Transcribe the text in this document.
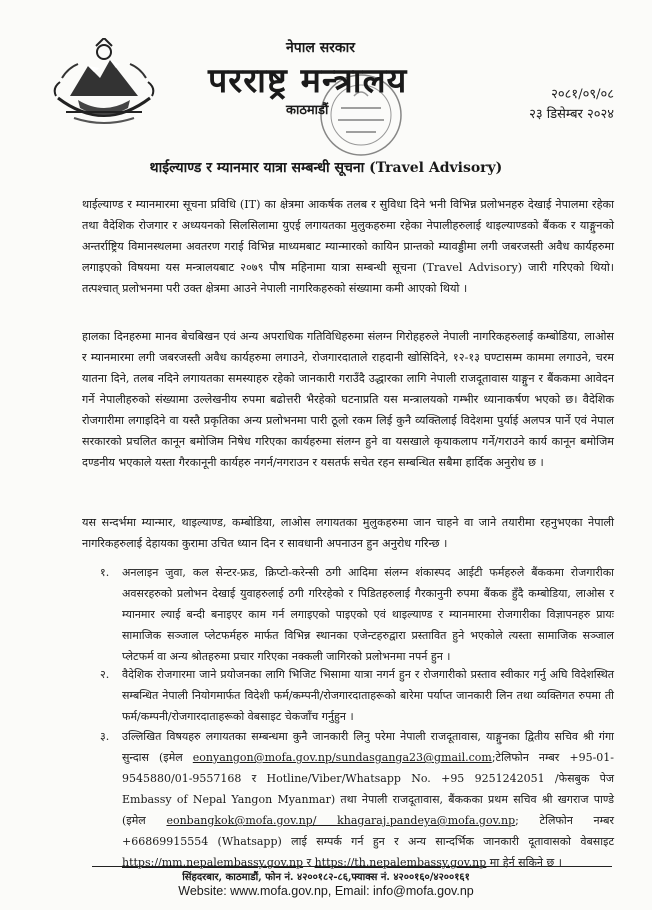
नेपाल सरकार
परराष्ट्र मन्त्रालय
काठमाडौं
२०८१/०९/०८
२३ डिसेम्बर २०२४
थाईल्याण्ड र म्यानमार यात्रा सम्बन्धी सूचना (Travel Advisory)

थाईल्याण्ड र म्यानमारमा सूचना प्रविधि (IT) का क्षेत्रमा आकर्षक तलब र सुविधा दिने भनी विभिन्न प्रलोभनहरु देखाई नेपालमा रहेका तथा वैदेशिक रोजगार र अध्ययनको सिलसिलामा युएई लगायतका मुलुकहरुमा रहेका नेपालीहरुलाई थाइल्याण्डको बैंकक र याङ्गुनको अन्तर्राष्ट्रिय विमानस्थलमा अवतरण गराई विभिन्न माध्यमबाट म्यान्मारको कायिन प्रान्तको म्यावड्डीमा लगी जबरजस्ती अवैध कार्यहरुमा लगाइएको विषयमा यस मन्त्रालयबाट २०७९ पौष महिनामा यात्रा सम्बन्धी सूचना (Travel Advisory) जारी गरिएको थियो। तत्पश्चात् प्रलोभनमा परी उक्त क्षेत्रमा आउने नेपाली नागरिकहरुको संख्यामा कमी आएको थियो ।

हालका दिनहरुमा मानव बेचबिखन एवं अन्य अपराधिक गतिविधिहरुमा संलग्न गिरोहहरुले नेपाली नागरिकहरुलाई कम्बोडिया, लाओस र म्यानमारमा लगी जबरजस्ती अवैध कार्यहरुमा लगाउने, रोजगारदाताले राहदानी खोसिदिने, १२-१३ घण्टासम्म काममा लगाउने, चरम यातना दिने, तलब नदिने लगायतका समस्याहरु रहेको जानकारी गराउँदै उद्धारका लागि नेपाली राजदूतावास याङ्गुन र बैंककमा आवेदन गर्ने नेपालीहरुको संख्यामा उल्लेखनीय रुपमा बढोत्तरी भैरहेको घटनाप्रति यस मन्त्रालयको गम्भीर ध्यानाकर्षण भएको छ। वैदेशिक रोजगारीमा लगाइदिने वा यस्तै प्रकृतिका अन्य प्रलोभनमा पारी ठूलो रकम लिई कुनै व्यक्तिलाई विदेशमा पुर्याई अलपत्र पार्ने एवं नेपाल सरकारको प्रचलित कानून बमोजिम निषेध गरिएका कार्यहरुमा संलग्न हुने वा यसखाले कृयाकलाप गर्ने/गराउने कार्य कानून बमोजिम दण्डनीय भएकाले यस्ता गैरकानूनी कार्यहरु नगर्न/नगराउन र यसतर्फ सचेत रहन सम्बन्धित सबैमा हार्दिक अनुरोध छ ।

यस सन्दर्भमा म्यान्मार, थाइल्याण्ड, कम्बोडिया, लाओस लगायतका मुलुकहरुमा जान चाहने वा जाने तयारीमा रहनुभएका नेपाली नागरिकहरुलाई देहायका कुरामा उचित ध्यान दिन र सावधानी अपनाउन हुन अनुरोध गरिन्छ ।

१. अनलाइन जुवा, कल सेन्टर-फ्रड, क्रिप्टो-करेन्सी ठगी आदिमा संलग्न शंकास्पद आईटी फर्महरुले बैंककमा रोजगारीका अवसरहरुको प्रलोभन देखाई युवाहरुलाई ठगी गरिरहेको र पिडितहरुलाई गैरकानुनी रुपमा बैंकक हुँदै कम्बोडिया, लाओस र म्यानमार ल्याई बन्दी बनाइएर काम गर्न लगाइएको पाइएको एवं थाइल्याण्ड र म्यानमारमा रोजगारीका विज्ञापनहरु प्रायः सामाजिक सञ्जाल प्लेटफर्महरु मार्फत विभिन्न स्थानका एजेन्टहरुद्वारा प्रस्तावित हुने भएकोले त्यस्ता सामाजिक सञ्जाल प्लेटफर्म वा अन्य श्रोतहरुमा प्रचार गरिएका नक्कली जागिरको प्रलोभनमा नपर्न हुन ।
२. वैदेशिक रोजगारमा जाने प्रयोजनका लागि भिजिट भिसामा यात्रा नगर्न हुन र रोजगारीको प्रस्ताव स्वीकार गर्नु अघि विदेशस्थित सम्बन्धित नेपाली नियोगमार्फत विदेशी फर्म/कम्पनी/रोजगारदाताहरूको बारेमा पर्याप्त जानकारी लिन तथा व्यक्तिगत रुपमा ती फर्म/कम्पनी/रोजगारदाताहरूको वेबसाइट चेकजाँच गर्नुहुन ।
३. उल्लिखित विषयहरु लगायतका सम्बन्धमा कुनै जानकारी लिनु परेमा नेपाली राजदूतावास, याङ्गुनका द्वितीय सचिव श्री गंगा सुन्दास (इमेल eonyangon@mofa.gov.np/sundasganga23@gmail.com;टेलिफोन नम्बर +95-01-9545880/01-9557168 र Hotline/Viber/Whatsapp No. +95 9251242051 /फेसबुक पेज Embassy of Nepal Yangon Myanmar) तथा नेपाली राजदूतावास, बैंककका प्रथम सचिव श्री खगराज पाण्डे (इमेल eonbangkok@mofa.gov.np/ khagaraj.pandeya@mofa.gov.np; टेलिफोन नम्बर +66869915554 (Whatsapp) लाई सम्पर्क गर्न हुन र अन्य सान्दर्भिक जानकारी दूतावासको वेबसाइट https://mm.nepalembassy.gov.np र https://th.nepalembassy.gov.np मा हेर्न सकिने छ ।
सिंहदरबार, काठमाडौं, फोन नं. ४२००१८२-८६,फ्याक्स नं. ४२००१६०/४२००१६१
Website: www.mofa.gov.np, Email: info@mofa.gov.np
